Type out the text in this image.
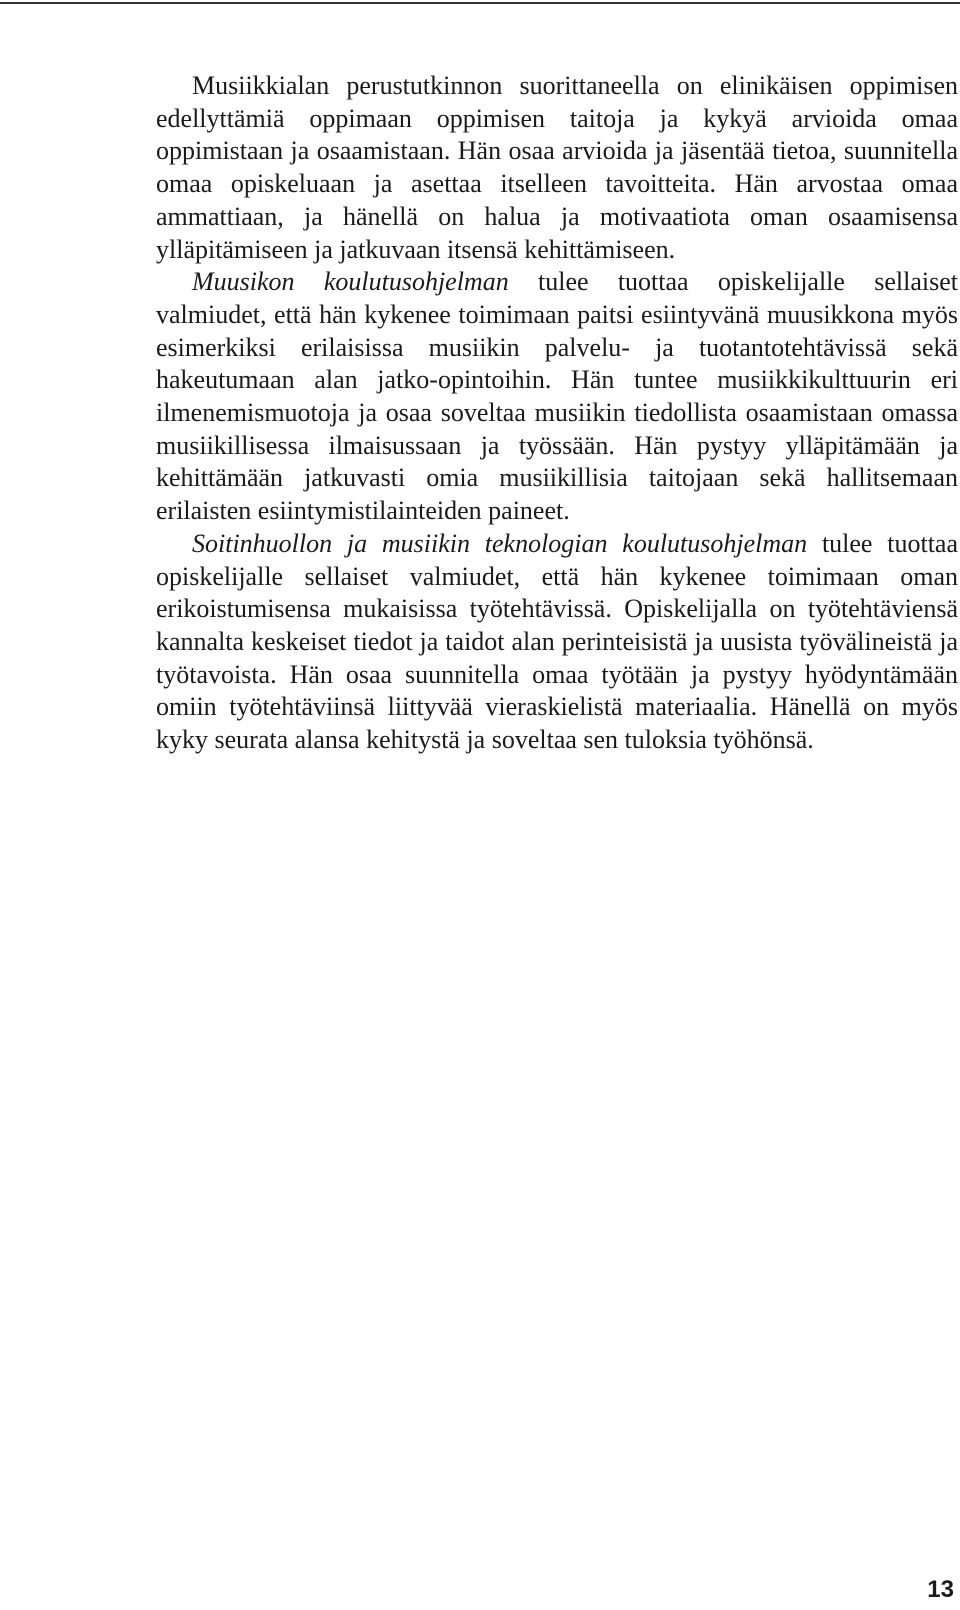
Musiikkialan perustutkinnon suorittaneella on elinikäisen oppimisen edellyttämiä oppimaan oppimisen taitoja ja kykyä arvioida omaa oppimistaan ja osaamistaan. Hän osaa arvioida ja jäsentää tietoa, suunnitella omaa opiskeluaan ja asettaa itselleen tavoitteita. Hän arvostaa omaa ammattiaan, ja hänellä on halua ja motivaatiota oman osaamisensa ylläpitämiseen ja jatkuvaan itsensä kehittämiseen.

Muusikon koulutusohjelman tulee tuottaa opiskelijalle sellaiset valmiudet, että hän kykenee toimimaan paitsi esiintyvänä muusikkona myös esimerkiksi erilaisissa musiikin palvelu- ja tuotantotehtävissä sekä hakeutumaan alan jatko-opintoihin. Hän tuntee musiikkikulttuurin eri ilmenemismuotoja ja osaa soveltaa musiikin tiedollista osaamistaan omassa musiikillisessa ilmaisussaan ja työssään. Hän pystyy ylläpitämään ja kehittämään jatkuvasti omia musiikillisia taitojaan sekä hallitsemaan erilaisten esiintymistilainteiden paineet.

Soitinhuollon ja musiikin teknologian koulutusohjelman tulee tuottaa opiskelijalle sellaiset valmiudet, että hän kykenee toimimaan oman erikoistumisensa mukaisissa työtehtävissä. Opiskelijalla on työtehtäviensä kannalta keskeiset tiedot ja taidot alan perinteisistä ja uusista työvälineistä ja työtavoista. Hän osaa suunnitella omaa työtään ja pystyy hyödyntämään omiin työtehtäviinsä liittyvää vieraskielistä materiaalia. Hänellä on myös kyky seurata alansa kehitystä ja soveltaa sen tuloksia työhönsä.

13
